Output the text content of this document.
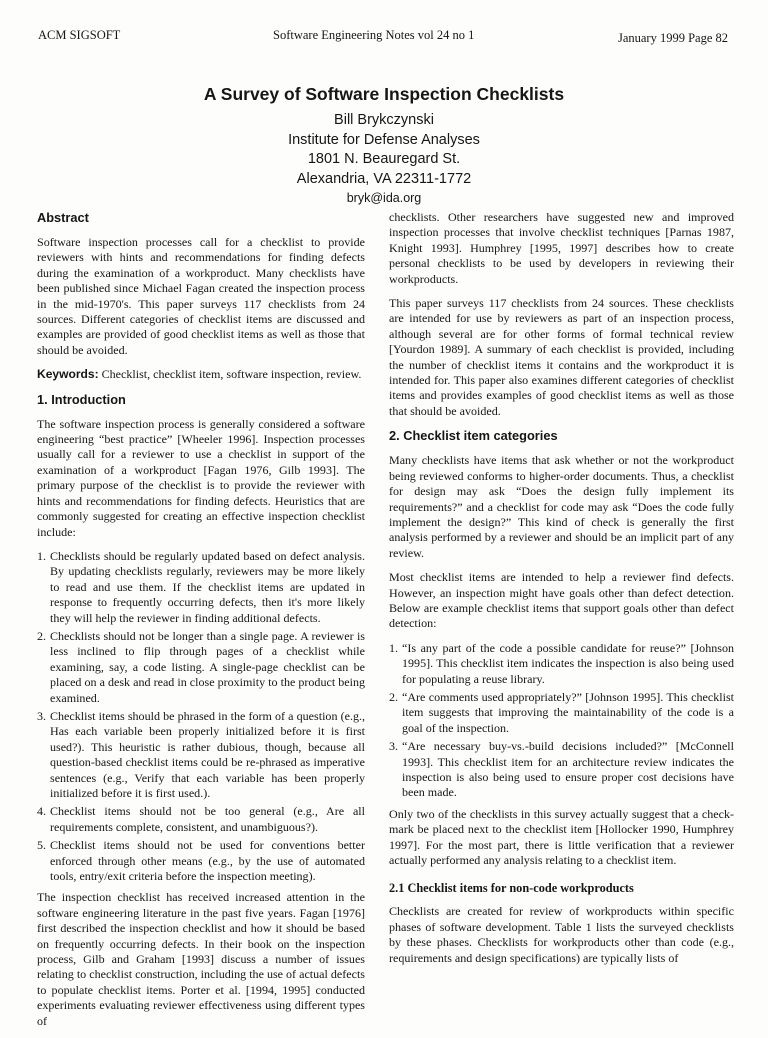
ACM SIGSOFT	Software Engineering Notes vol 24 no 1	January 1999 Page 82
A Survey of Software Inspection Checklists
Bill Brykczynski
Institute for Defense Analyses
1801 N. Beauregard St.
Alexandria, VA 22311-1772
bryk@ida.org
Abstract

Software inspection processes call for a checklist to provide reviewers with hints and recommendations for finding defects during the examination of a workproduct. Many checklists have been published since Michael Fagan created the inspection process in the mid-1970's. This paper surveys 117 checklists from 24 sources. Different categories of checklist items are discussed and examples are provided of good checklist items as well as those that should be avoided.

Keywords: Checklist, checklist item, software inspection, review.

1. Introduction

The software inspection process is generally considered a software engineering “best practice” [Wheeler 1996]. Inspection processes usually call for a reviewer to use a checklist in support of the examination of a workproduct [Fagan 1976, Gilb 1993]. The primary purpose of the checklist is to provide the reviewer with hints and recommendations for finding defects. Heuristics that are commonly suggested for creating an effective inspection checklist include:

1. Checklists should be regularly updated based on defect analysis. By updating checklists regularly, reviewers may be more likely to read and use them. If the checklist items are updated in response to frequently occurring defects, then it's more likely they will help the reviewer in finding additional defects.
2. Checklists should not be longer than a single page. A reviewer is less inclined to flip through pages of a checklist while examining, say, a code listing. A single-page checklist can be placed on a desk and read in close proximity to the product being examined.
3. Checklist items should be phrased in the form of a question (e.g., Has each variable been properly initialized before it is first used?). This heuristic is rather dubious, though, because all question-based checklist items could be re-phrased as imperative sentences (e.g., Verify that each variable has been properly initialized before it is first used.).
4. Checklist items should not be too general (e.g., Are all requirements complete, consistent, and unambiguous?).
5. Checklist items should not be used for conventions better enforced through other means (e.g., by the use of automated tools, entry/exit criteria before the inspection meeting).

The inspection checklist has received increased attention in the software engineering literature in the past five years. Fagan [1976] first described the inspection checklist and how it should be based on frequently occurring defects. In their book on the inspection process, Gilb and Graham [1993] discuss a number of issues relating to checklist construction, including the use of actual defects to populate checklist items. Porter et al. [1994, 1995] conducted experiments evaluating reviewer effectiveness using different types of

checklists. Other researchers have suggested new and improved inspection processes that involve checklist techniques [Parnas 1987, Knight 1993]. Humphrey [1995, 1997] describes how to create personal checklists to be used by developers in reviewing their workproducts.

This paper surveys 117 checklists from 24 sources. These checklists are intended for use by reviewers as part of an inspection process, although several are for other forms of formal technical review [Yourdon 1989]. A summary of each checklist is provided, including the number of checklist items it contains and the workproduct it is intended for. This paper also examines different categories of checklist items and provides examples of good checklist items as well as those that should be avoided.

2. Checklist item categories

Many checklists have items that ask whether or not the workproduct being reviewed conforms to higher-order documents. Thus, a checklist for design may ask “Does the design fully implement its requirements?” and a checklist for code may ask “Does the code fully implement the design?” This kind of check is generally the first analysis performed by a reviewer and should be an implicit part of any review.

Most checklist items are intended to help a reviewer find defects. However, an inspection might have goals other than defect detection. Below are example checklist items that support goals other than defect detection:

1. “Is any part of the code a possible candidate for reuse?” [Johnson 1995]. This checklist item indicates the inspection is also being used for populating a reuse library.
2. “Are comments used appropriately?” [Johnson 1995]. This checklist item suggests that improving the maintainability of the code is a goal of the inspection.
3. “Are necessary buy-vs.-build decisions included?” [McConnell 1993]. This checklist item for an architecture review indicates the inspection is also being used to ensure proper cost decisions have been made.

Only two of the checklists in this survey actually suggest that a check-mark be placed next to the checklist item [Hollocker 1990, Humphrey 1997]. For the most part, there is little verification that a reviewer actually performed any analysis relating to a checklist item.

2.1 Checklist items for non-code workproducts

Checklists are created for review of workproducts within specific phases of software development. Table 1 lists the surveyed checklists by these phases. Checklists for workproducts other than code (e.g., requirements and design specifications) are typically lists of
